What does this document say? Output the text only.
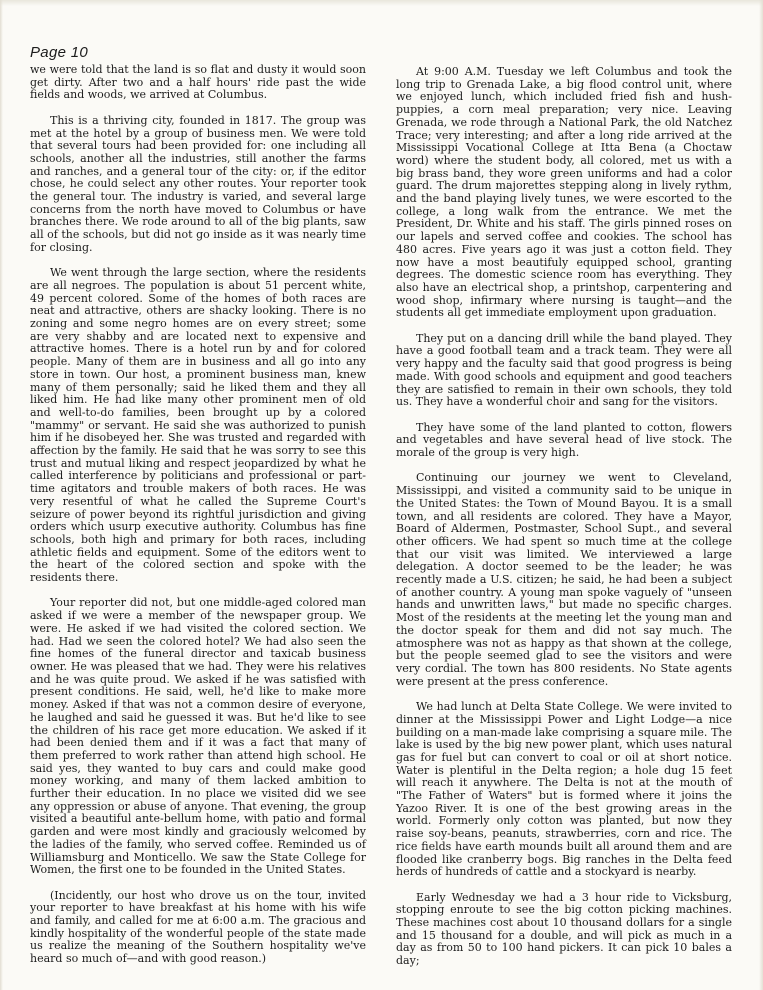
Page 10

we were told that the land is so flat and dusty it would soon get dirty. After two and a half hours' ride past the wide fields and woods, we arrived at Columbus.

This is a thriving city, founded in 1817. The group was met at the hotel by a group of business men. We were told that several tours had been provided for: one including all schools, another all the industries, still another the farms and ranches, and a general tour of the city: or, if the editor chose, he could select any other routes. Your reporter took the general tour. The industry is varied, and several large concerns from the north have moved to Columbus or have branches there. We rode around to all of the big plants, saw all of the schools, but did not go inside as it was nearly time for closing.

We went through the large section, where the residents are all negroes. The population is about 51 percent white, 49 percent colored. Some of the homes of both races are neat and attractive, others are shacky looking. There is no zoning and some negro homes are on every street; some are very shabby and are located next to expensive and attractive homes. There is a hotel run by and for colored people. Many of them are in business and all go into any store in town. Our host, a prominent business man, knew many of them personally; said he liked them and they all liked him. He had like many other prominent men of old and well-to-do families, been brought up by a colored "mammy" or servant. He said she was authorized to punish him if he disobeyed her. She was trusted and regarded with affection by the family. He said that he was sorry to see this trust and mutual liking and respect jeopardized by what he called interference by politicians and professional or part-time agitators and trouble makers of both races. He was very resentful of what he called the Supreme Court's seizure of power beyond its rightful jurisdiction and giving orders which usurp executive authority. Columbus has fine schools, both high and primary for both races, including athletic fields and equipment. Some of the editors went to the heart of the colored section and spoke with the residents there.

Your reporter did not, but one middle-aged colored man asked if we were a member of the newspaper group. We were. He asked if we had visited the colored section. We had. Had we seen the colored hotel? We had also seen the fine homes of the funeral director and taxicab business owner. He was pleased that we had. They were his relatives and he was quite proud. We asked if he was satisfied with present conditions. He said, well, he'd like to make more money. Asked if that was not a common desire of everyone, he laughed and said he guessed it was. But he'd like to see the children of his race get more education. We asked if it had been denied them and if it was a fact that many of them preferred to work rather than attend high school. He said yes, they wanted to buy cars and could make good money working, and many of them lacked ambition to further their education. In no place we visited did we see any oppression or abuse of anyone. That evening, the group visited a beautiful ante-bellum home, with patio and formal garden and were most kindly and graciously welcomed by the ladies of the family, who served coffee. Reminded us of Williamsburg and Monticello. We saw the State College for Women, the first one to be founded in the United States.

(Incidently, our host who drove us on the tour, invited your reporter to have breakfast at his home with his wife and family, and called for me at 6:00 a.m. The gracious and kindly hospitality of the wonderful people of the state made us realize the meaning of the Southern hospitality we've heard so much of—and with good reason.)

At 9:00 A.M. Tuesday we left Columbus and took the long trip to Grenada Lake, a big flood control unit, where we enjoyed lunch, which included fried fish and hush-puppies, a corn meal preparation; very nice. Leaving Grenada, we rode through a National Park, the old Natchez Trace; very interesting; and after a long ride arrived at the Mississippi Vocational College at Itta Bena (a Choctaw word) where the student body, all colored, met us with a big brass band, they wore green uniforms and had a color guard. The drum majorettes stepping along in lively rythm, and the band playing lively tunes, we were escorted to the college, a long walk from the entrance. We met the President, Dr. White and his staff. The girls pinned roses on our lapels and served coffee and cookies. The school has 480 acres. Five years ago it was just a cotton field. They now have a most beautifuly equipped school, granting degrees. The domestic science room has everything. They also have an electrical shop, a printshop, carpentering and wood shop, infirmary where nursing is taught—and the students all get immediate employment upon graduation.

They put on a dancing drill while the band played. They have a good football team and a track team. They were all very happy and the faculty said that good progress is being made. With good schools and equipment and good teachers they are satisfied to remain in their own schools, they told us. They have a wonderful choir and sang for the visitors.

They have some of the land planted to cotton, flowers and vegetables and have several head of live stock. The morale of the group is very high.

Continuing our journey we went to Cleveland, Mississippi, and visited a community said to be unique in the United States: the Town of Mound Bayou. It is a small town, and all residents are colored. They have a Mayor, Board of Aldermen, Postmaster, School Supt., and several other officers. We had spent so much time at the college that our visit was limited. We interviewed a large delegation. A doctor seemed to be the leader; he was recently made a U.S. citizen; he said, he had been a subject of another country. A young man spoke vaguely of "unseen hands and unwritten laws," but made no specific charges. Most of the residents at the meeting let the young man and the doctor speak for them and did not say much. The atmosphere was not as happy as that shown at the college, but the people seemed glad to see the visitors and were very cordial. The town has 800 residents. No State agents were present at the press conference.

We had lunch at Delta State College. We were invited to dinner at the Mississippi Power and Light Lodge—a nice building on a man-made lake comprising a square mile. The lake is used by the big new power plant, which uses natural gas for fuel but can convert to coal or oil at short notice. Water is plentiful in the Delta region; a hole dug 15 feet will reach it anywhere. The Delta is not at the mouth of "The Father of Waters" but is formed where it joins the Yazoo River. It is one of the best growing areas in the world. Formerly only cotton was planted, but now they raise soy-beans, peanuts, strawberries, corn and rice. The rice fields have earth mounds built all around them and are flooded like cranberry bogs. Big ranches in the Delta feed herds of hundreds of cattle and a stockyard is nearby.

Early Wednesday we had a 3 hour ride to Vicksburg, stopping enroute to see the big cotton picking machines. These machines cost about 10 thousand dollars for a single and 15 thousand for a double, and will pick as much in a day as from 50 to 100 hand pickers. It can pick 10 bales a day;
